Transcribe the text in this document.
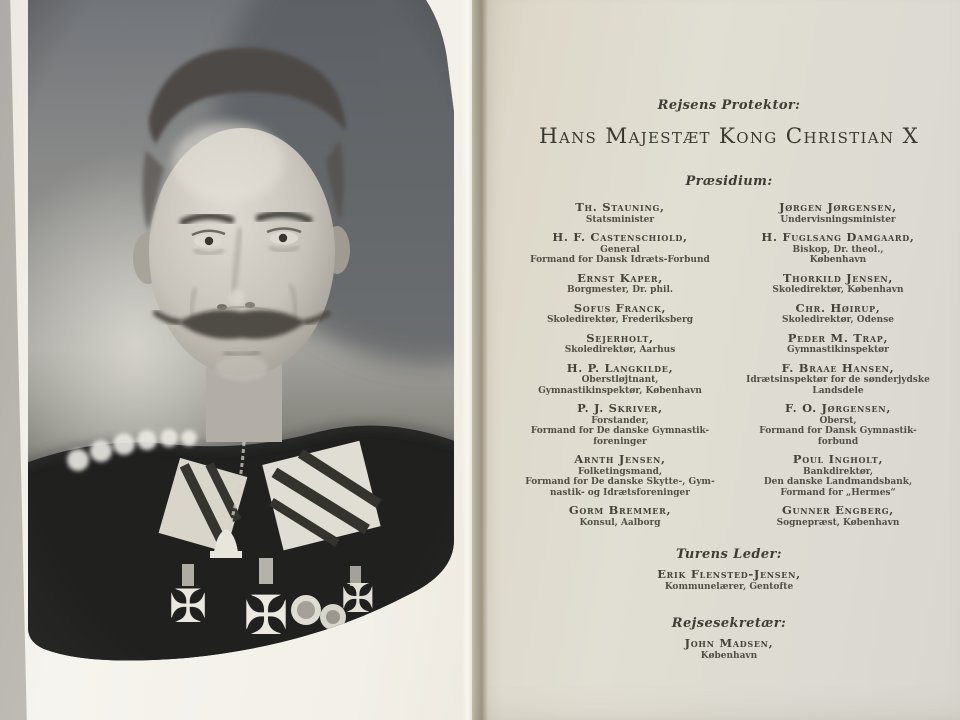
Rejsens Protektor:
Hans Majestæt Kong Christian X
Præsidium:
Th. Stauning,
Statsminister
H. F. Castenschiold,
General
Formand for Dansk Idræts-Forbund
Ernst Kaper,
Borgmester, Dr. phil.
Sofus Franck,
Skoledirektør, Frederiksberg
Sejerholt,
Skoledirektør, Aarhus
H. P. Langkilde,
Oberstløjtnant,
Gymnastikinspektør, København
P. J. Skriver,
Forstander,
Formand for De danske Gymnastik-
foreninger
Arnth Jensen,
Folketingsmand,
Formand for De danske Skytte-, Gym-
nastik- og Idrætsforeninger
Gorm Bremmer,
Konsul, Aalborg
Jørgen Jørgensen,
Undervisningsminister
H. Fuglsang Damgaard,
Biskop, Dr. theol.,
København
Thorkild Jensen,
Skoledirektør, København
Chr. Høirup,
Skoledirektør, Odense
Peder M. Trap,
Gymnastikinspektør
F. Braae Hansen,
Idrætsinspektør for de sønderjydske
Landsdele
F. O. Jørgensen,
Oberst,
Formand for Dansk Gymnastik-
forbund
Poul Ingholt,
Bankdirektør,
Den danske Landmandsbank,
Formand for „Hermes“
Gunner Engberg,
Sognepræst, København
Turens Leder:
Erik Flensted-Jensen,
Kommunelærer, Gentofte
Rejsesekretær:
John Madsen,
København
